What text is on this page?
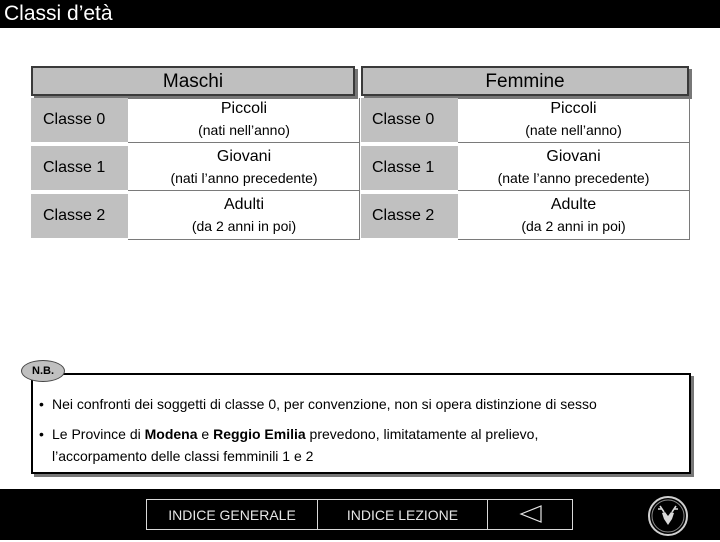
Classi d’età
Maschi	Femmine
Classe 0
Piccoli
(nati nell’anno)
Classe 0
Piccoli
(nate nell’anno)
Classe 1
Giovani
(nati l’anno precedente)
Classe 1
Giovani
(nate l’anno precedente)
Classe 2
Adulti
(da 2 anni in poi)
Classe 2
Adulte
(da 2 anni in poi)
N.B.
• Nei confronti dei soggetti di classe 0, per convenzione, non si opera distinzione di sesso
• Le Province di Modena e Reggio Emilia prevedono, limitatamente al prelievo,
l’accorpamento delle classi femminili 1 e 2
INDICE GENERALE	INDICE LEZIONE
